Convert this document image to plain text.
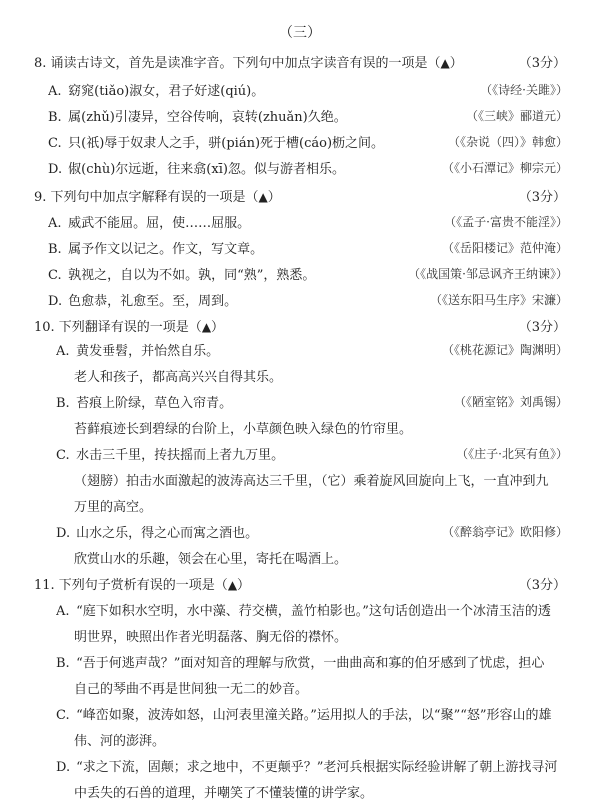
（三）
8. 诵读古诗文，首先是读准字音。下列句中加点字读音有误的一项是（▲）	（3分）
A. 窈窕(tiǎo)淑女，君子好逑(qiú)。	（《诗经·关雎》）
B. 属(zhǔ)引凄异，空谷传响，哀转(zhuǎn)久绝。	（《三峡》郦道元）
C. 只(祇)辱于奴隶人之手，骈(pián)死于槽(cáo)枥之间。	（《杂说（四）》韩愈）
D. 俶(chù)尔远逝，往来翕(xī)忽。似与游者相乐。	（《小石潭记》柳宗元）
9. 下列句中加点字解释有误的一项是（▲）	（3分）
A. 威武不能屈。屈，使……屈服。	（《孟子·富贵不能淫》）
B. 属予作文以记之。作文，写文章。	（《岳阳楼记》范仲淹）
C. 孰视之，自以为不如。孰，同“熟”，熟悉。	（《战国策·邹忌讽齐王纳谏》）
D. 色愈恭，礼愈至。至，周到。	（《送东阳马生序》宋濂）
10. 下列翻译有误的一项是（▲）	（3分）
A. 黄发垂髫，并怡然自乐。	（《桃花源记》陶渊明）
老人和孩子，都高高兴兴自得其乐。
B. 苔痕上阶绿，草色入帘青。	（《陋室铭》刘禹锡）
苔藓痕迹长到碧绿的台阶上，小草颜色映入绿色的竹帘里。
C. 水击三千里，抟扶摇而上者九万里。	（《庄子·北冥有鱼》）
（翅膀）拍击水面激起的波涛高达三千里，（它）乘着旋风回旋向上飞，一直冲到九
万里的高空。
D. 山水之乐，得之心而寓之酒也。	（《醉翁亭记》欧阳修）
欣赏山水的乐趣，领会在心里，寄托在喝酒上。
11. 下列句子赏析有误的一项是（▲）	（3分）
A. “庭下如积水空明，水中藻、荇交横，盖竹柏影也。”这句话创造出一个冰清玉洁的透
明世界，映照出作者光明磊落、胸无俗的襟怀。
B. “吾于何逃声哉？”面对知音的理解与欣赏，一曲曲高和寡的伯牙感到了忧虑，担心
自己的琴曲不再是世间独一无二的妙音。
C. “峰峦如聚，波涛如怒，山河表里潼关路。”运用拟人的手法，以“聚”“怒”形容山的雄
伟、河的澎湃。
D. “求之下流，固颠；求之地中，不更颠乎？”老河兵根据实际经验讲解了朝上游找寻河
中丢失的石兽的道理，并嘲笑了不懂装懂的讲学家。
